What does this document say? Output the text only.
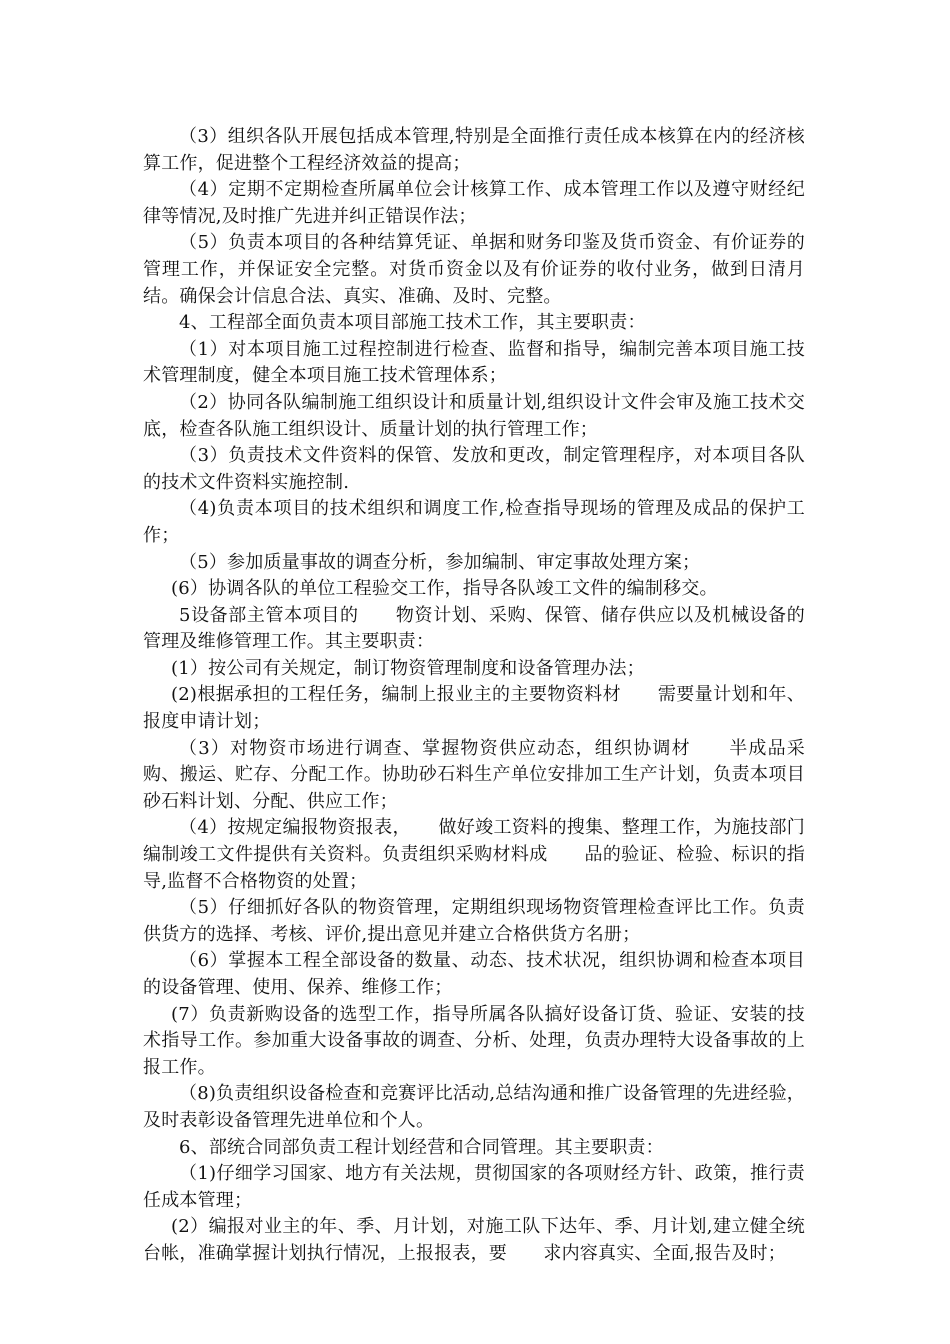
（3）组织各队开展包括成本管理,特别是全面推行责任成本核算在内的经济核算工作，促进整个工程经济效益的提高；

（4）定期不定期检查所属单位会计核算工作、成本管理工作以及遵守财经纪律等情况,及时推广先进并纠正错误作法；

（5）负责本项目的各种结算凭证、单据和财务印鉴及货币资金、有价证券的管理工作，并保证安全完整。对货币资金以及有价证券的收付业务，做到日清月结。确保会计信息合法、真实、准确、及时、完整。

4、工程部全面负责本项目部施工技术工作，其主要职责：

（1）对本项目施工过程控制进行检查、监督和指导，编制完善本项目施工技术管理制度，健全本项目施工技术管理体系；

（2）协同各队编制施工组织设计和质量计划,组织设计文件会审及施工技术交底，检查各队施工组织设计、质量计划的执行管理工作；

（3）负责技术文件资料的保管、发放和更改，制定管理程序，对本项目各队的技术文件资料实施控制.

（4)负责本项目的技术组织和调度工作,检查指导现场的管理及成品的保护工作；

（5）参加质量事故的调查分析，参加编制、审定事故处理方案；

(6）协调各队的单位工程验交工作，指导各队竣工文件的编制移交。

5设备部主管本项目的　　物资计划、采购、保管、储存供应以及机械设备的管理及维修管理工作。其主要职责：

(1）按公司有关规定，制订物资管理制度和设备管理办法；

(2)根据承担的工程任务，编制上报业主的主要物资料材　　需要量计划和年、报度申请计划；

（3）对物资市场进行调查、掌握物资供应动态，组织协调材　　半成品采购、搬运、贮存、分配工作。协助砂石料生产单位安排加工生产计划，负责本项目砂石料计划、分配、供应工作；

（4）按规定编报物资报表，　　做好竣工资料的搜集、整理工作，为施技部门编制竣工文件提供有关资料。负责组织采购材料成　　品的验证、检验、标识的指导,监督不合格物资的处置；

（5）仔细抓好各队的物资管理，定期组织现场物资管理检查评比工作。负责供货方的选择、考核、评价,提出意见并建立合格供货方名册；

（6）掌握本工程全部设备的数量、动态、技术状况，组织协调和检查本项目的设备管理、使用、保养、维修工作；

(7）负责新购设备的选型工作，指导所属各队搞好设备订货、验证、安装的技术指导工作。参加重大设备事故的调查、分析、处理，负责办理特大设备事故的上报工作。

（8)负责组织设备检查和竞赛评比活动,总结沟通和推广设备管理的先进经验，及时表彰设备管理先进单位和个人。

6、部统合同部负责工程计划经营和合同管理。其主要职责：

（1)仔细学习国家、地方有关法规，贯彻国家的各项财经方针、政策，推行责任成本管理；

(2）编报对业主的年、季、月计划，对施工队下达年、季、月计划,建立健全统　台帐，准确掌握计划执行情况，上报报表，要　　求内容真实、全面,报告及时；
